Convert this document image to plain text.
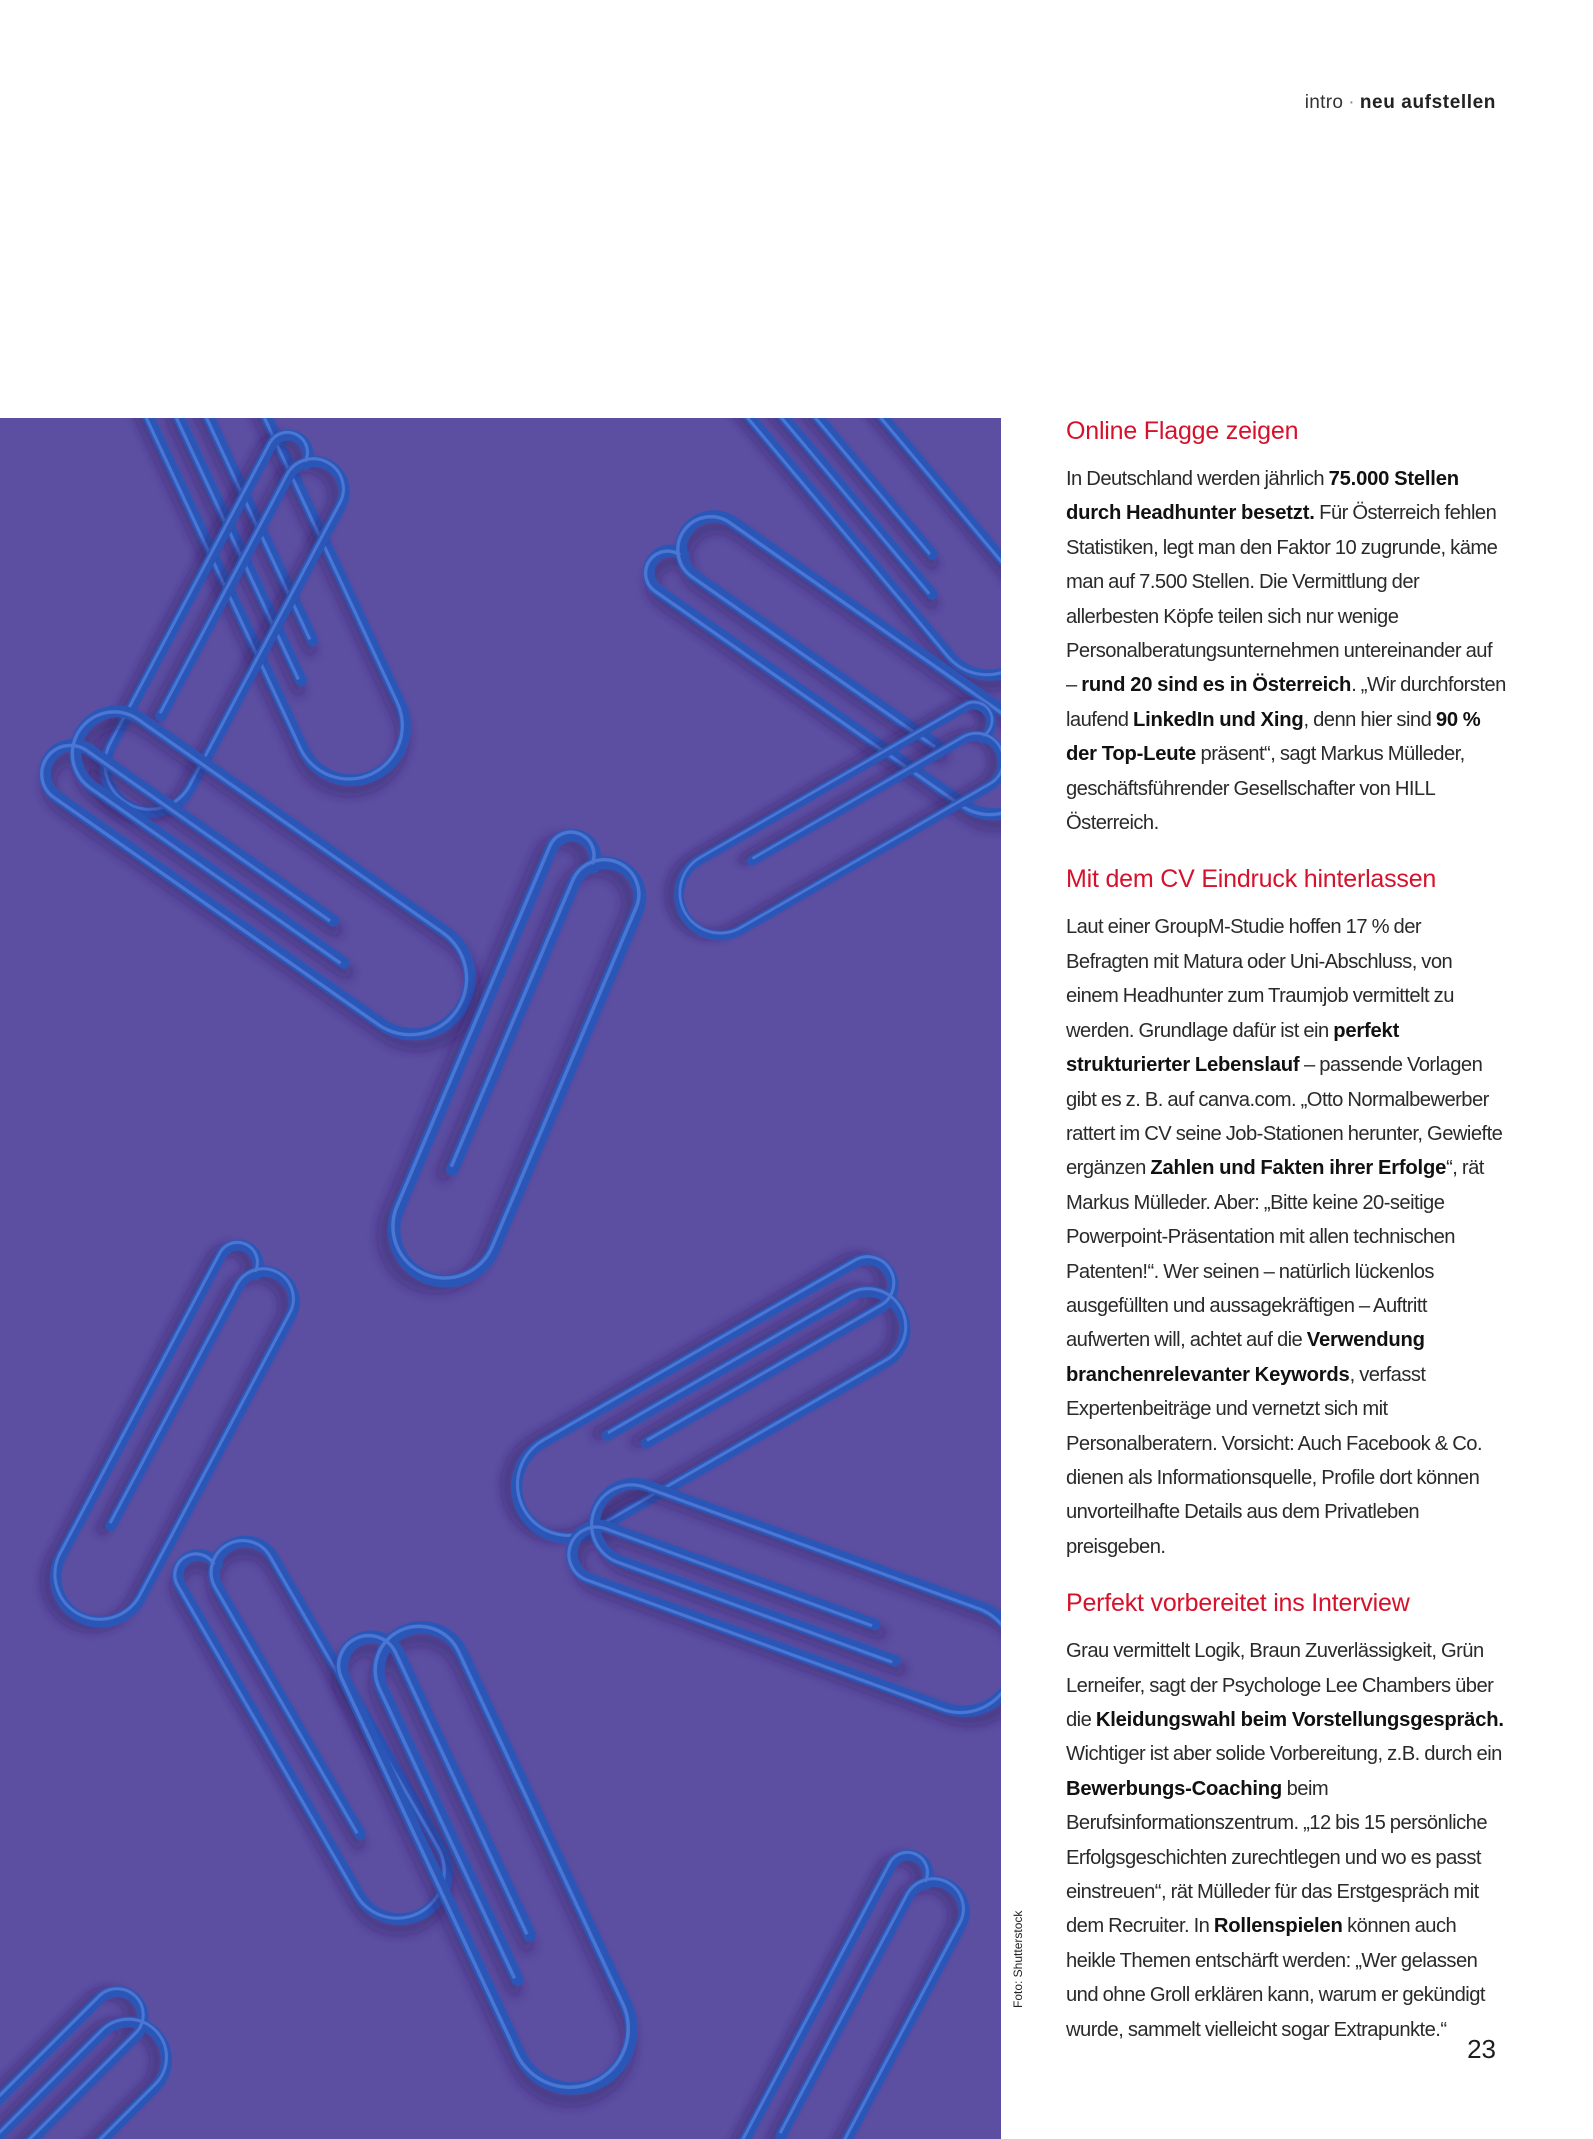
intro · neu aufstellen
Foto: Shutterstock
Online Flagge zeigen

In Deutschland werden jährlich 75.000 Stellen durch Headhunter besetzt. Für Österreich fehlen Statistiken, legt man den Faktor 10 zugrunde, käme man auf 7.500 Stellen. Die Vermittlung der allerbesten Köpfe teilen sich nur wenige Personalberatungsunternehmen untereinander auf – rund 20 sind es in Österreich. „Wir durchforsten laufend LinkedIn und Xing, denn hier sind 90 % der Top-Leute präsent“, sagt Markus Mülleder, geschäftsführender Gesellschafter von HILL Österreich.

Mit dem CV Eindruck hinterlassen

Laut einer GroupM-Studie hoffen 17 % der Befragten mit Matura oder Uni-Abschluss, von einem Headhunter zum Traumjob vermittelt zu werden. Grundlage dafür ist ein perfekt strukturierter Lebenslauf – passende Vorlagen gibt es z. B. auf canva.com. „Otto Normalbewerber rattert im CV seine Job-Stationen herunter, Gewiefte ergänzen Zahlen und Fakten ihrer Erfolge“, rät Markus Mülleder. Aber: „Bitte keine 20-seitige Powerpoint-Präsentation mit allen technischen Patenten!“. Wer seinen – natürlich lückenlos ausgefüllten und aussagekräftigen – Auftritt aufwerten will, achtet auf die Verwendung branchenrelevanter Keywords, verfasst Expertenbeiträge und vernetzt sich mit Personalberatern. Vorsicht: Auch Facebook & Co. dienen als Informationsquelle, Profile dort können unvorteilhafte Details aus dem Privatleben preisgeben.

Perfekt vorbereitet ins Interview

Grau vermittelt Logik, Braun Zuverlässigkeit, Grün Lerneifer, sagt der Psychologe Lee Chambers über die Kleidungswahl beim Vorstellungsgespräch. Wichtiger ist aber solide Vorbereitung, z.B. durch ein Bewerbungs-Coaching beim Berufsinformationszentrum. „12 bis 15 persönliche Erfolgsgeschichten zurechtlegen und wo es passt einstreuen“, rät Mülleder für das Erstgespräch mit dem Recruiter. In Rollenspielen können auch heikle Themen entschärft werden: „Wer gelassen und ohne Groll erklären kann, warum er gekündigt wurde, sammelt vielleicht sogar Extrapunkte.“

23
